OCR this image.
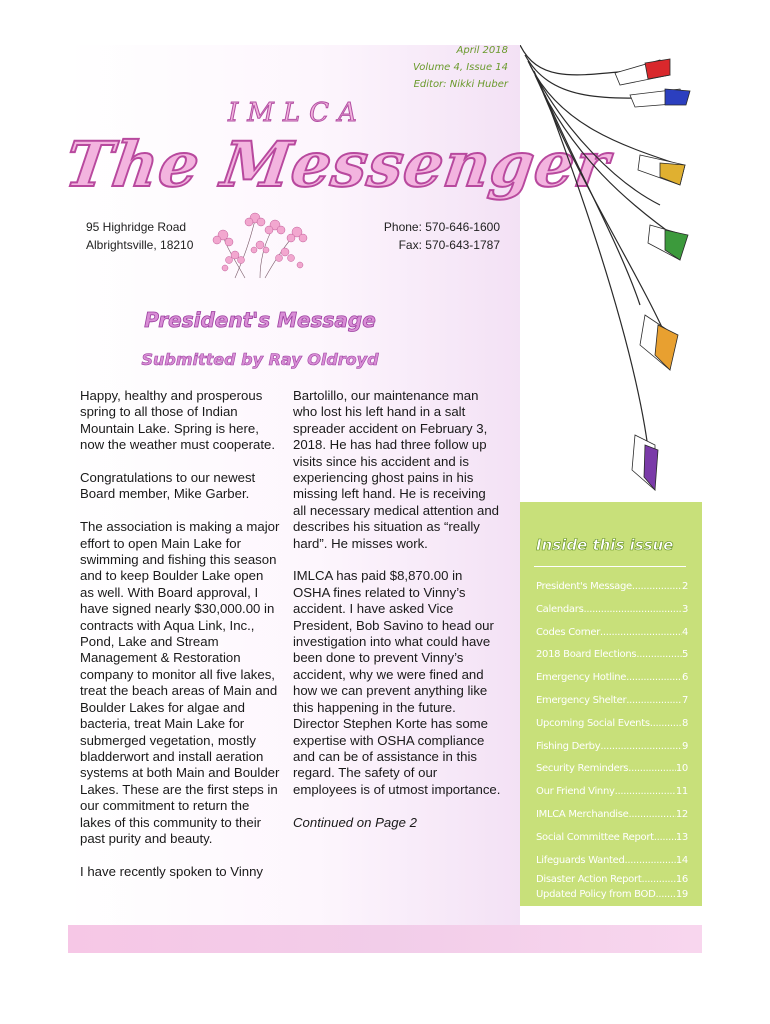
April 2018
Volume 4, Issue 14
Editor: Nikki Huber
IMLCA
The Messenger
95 Highridge Road
Albrightsville, 18210
Phone: 570-646-1600
Fax: 570-643-1787
President's Message
Submitted by Ray Oldroyd

Happy, healthy and prosperous spring to all those of Indian Mountain Lake. Spring is here, now the weather must cooperate.

Congratulations to our newest Board member, Mike Garber.

The association is making a major effort to open Main Lake for swimming and fishing this season and to keep Boulder Lake open as well. With Board approval, I have signed nearly $30,000.00 in contracts with Aqua Link, Inc., Pond, Lake and Stream Management & Restoration company to monitor all five lakes, treat the beach areas of Main and Boulder Lakes for algae and bacteria, treat Main Lake for submerged vegetation, mostly bladderwort and install aeration systems at both Main and Boulder Lakes. These are the first steps in our commitment to return the lakes of this community to their past purity and beauty.

I have recently spoken to Vinny

Bartolillo, our maintenance man who lost his left hand in a salt spreader accident on February 3, 2018. He has had three follow up visits since his accident and is experiencing ghost pains in his missing left hand. He is receiving all necessary medical attention and describes his situation as “really hard”. He misses work.

IMLCA has paid $8,870.00 in OSHA fines related to Vinny’s accident. I have asked Vice President, Bob Savino to head our investigation into what could have been done to prevent Vinny’s accident, why we were fined and how we can prevent anything like this happening in the future. Director Stephen Korte has some expertise with OSHA compliance and can be of assistance in this regard. The safety of our employees is of utmost importance.

Continued on Page 2

Inside this issue
President's Message .....	2
Calendars .....	3
Codes Corner .....	4
2018 Board Elections .....	5
Emergency Hotline .....	6
Emergency Shelter .....	7
Upcoming Social Events .....	8
Fishing Derby .....	9
Security Reminders .....	10
Our Friend Vinny .....	11
IMLCA Merchandise .....	12
Social Committee Report ..... 13
Lifeguards Wanted .....	14
Disaster Action Report .....	16
Updated Policy from BOD ..... 19
